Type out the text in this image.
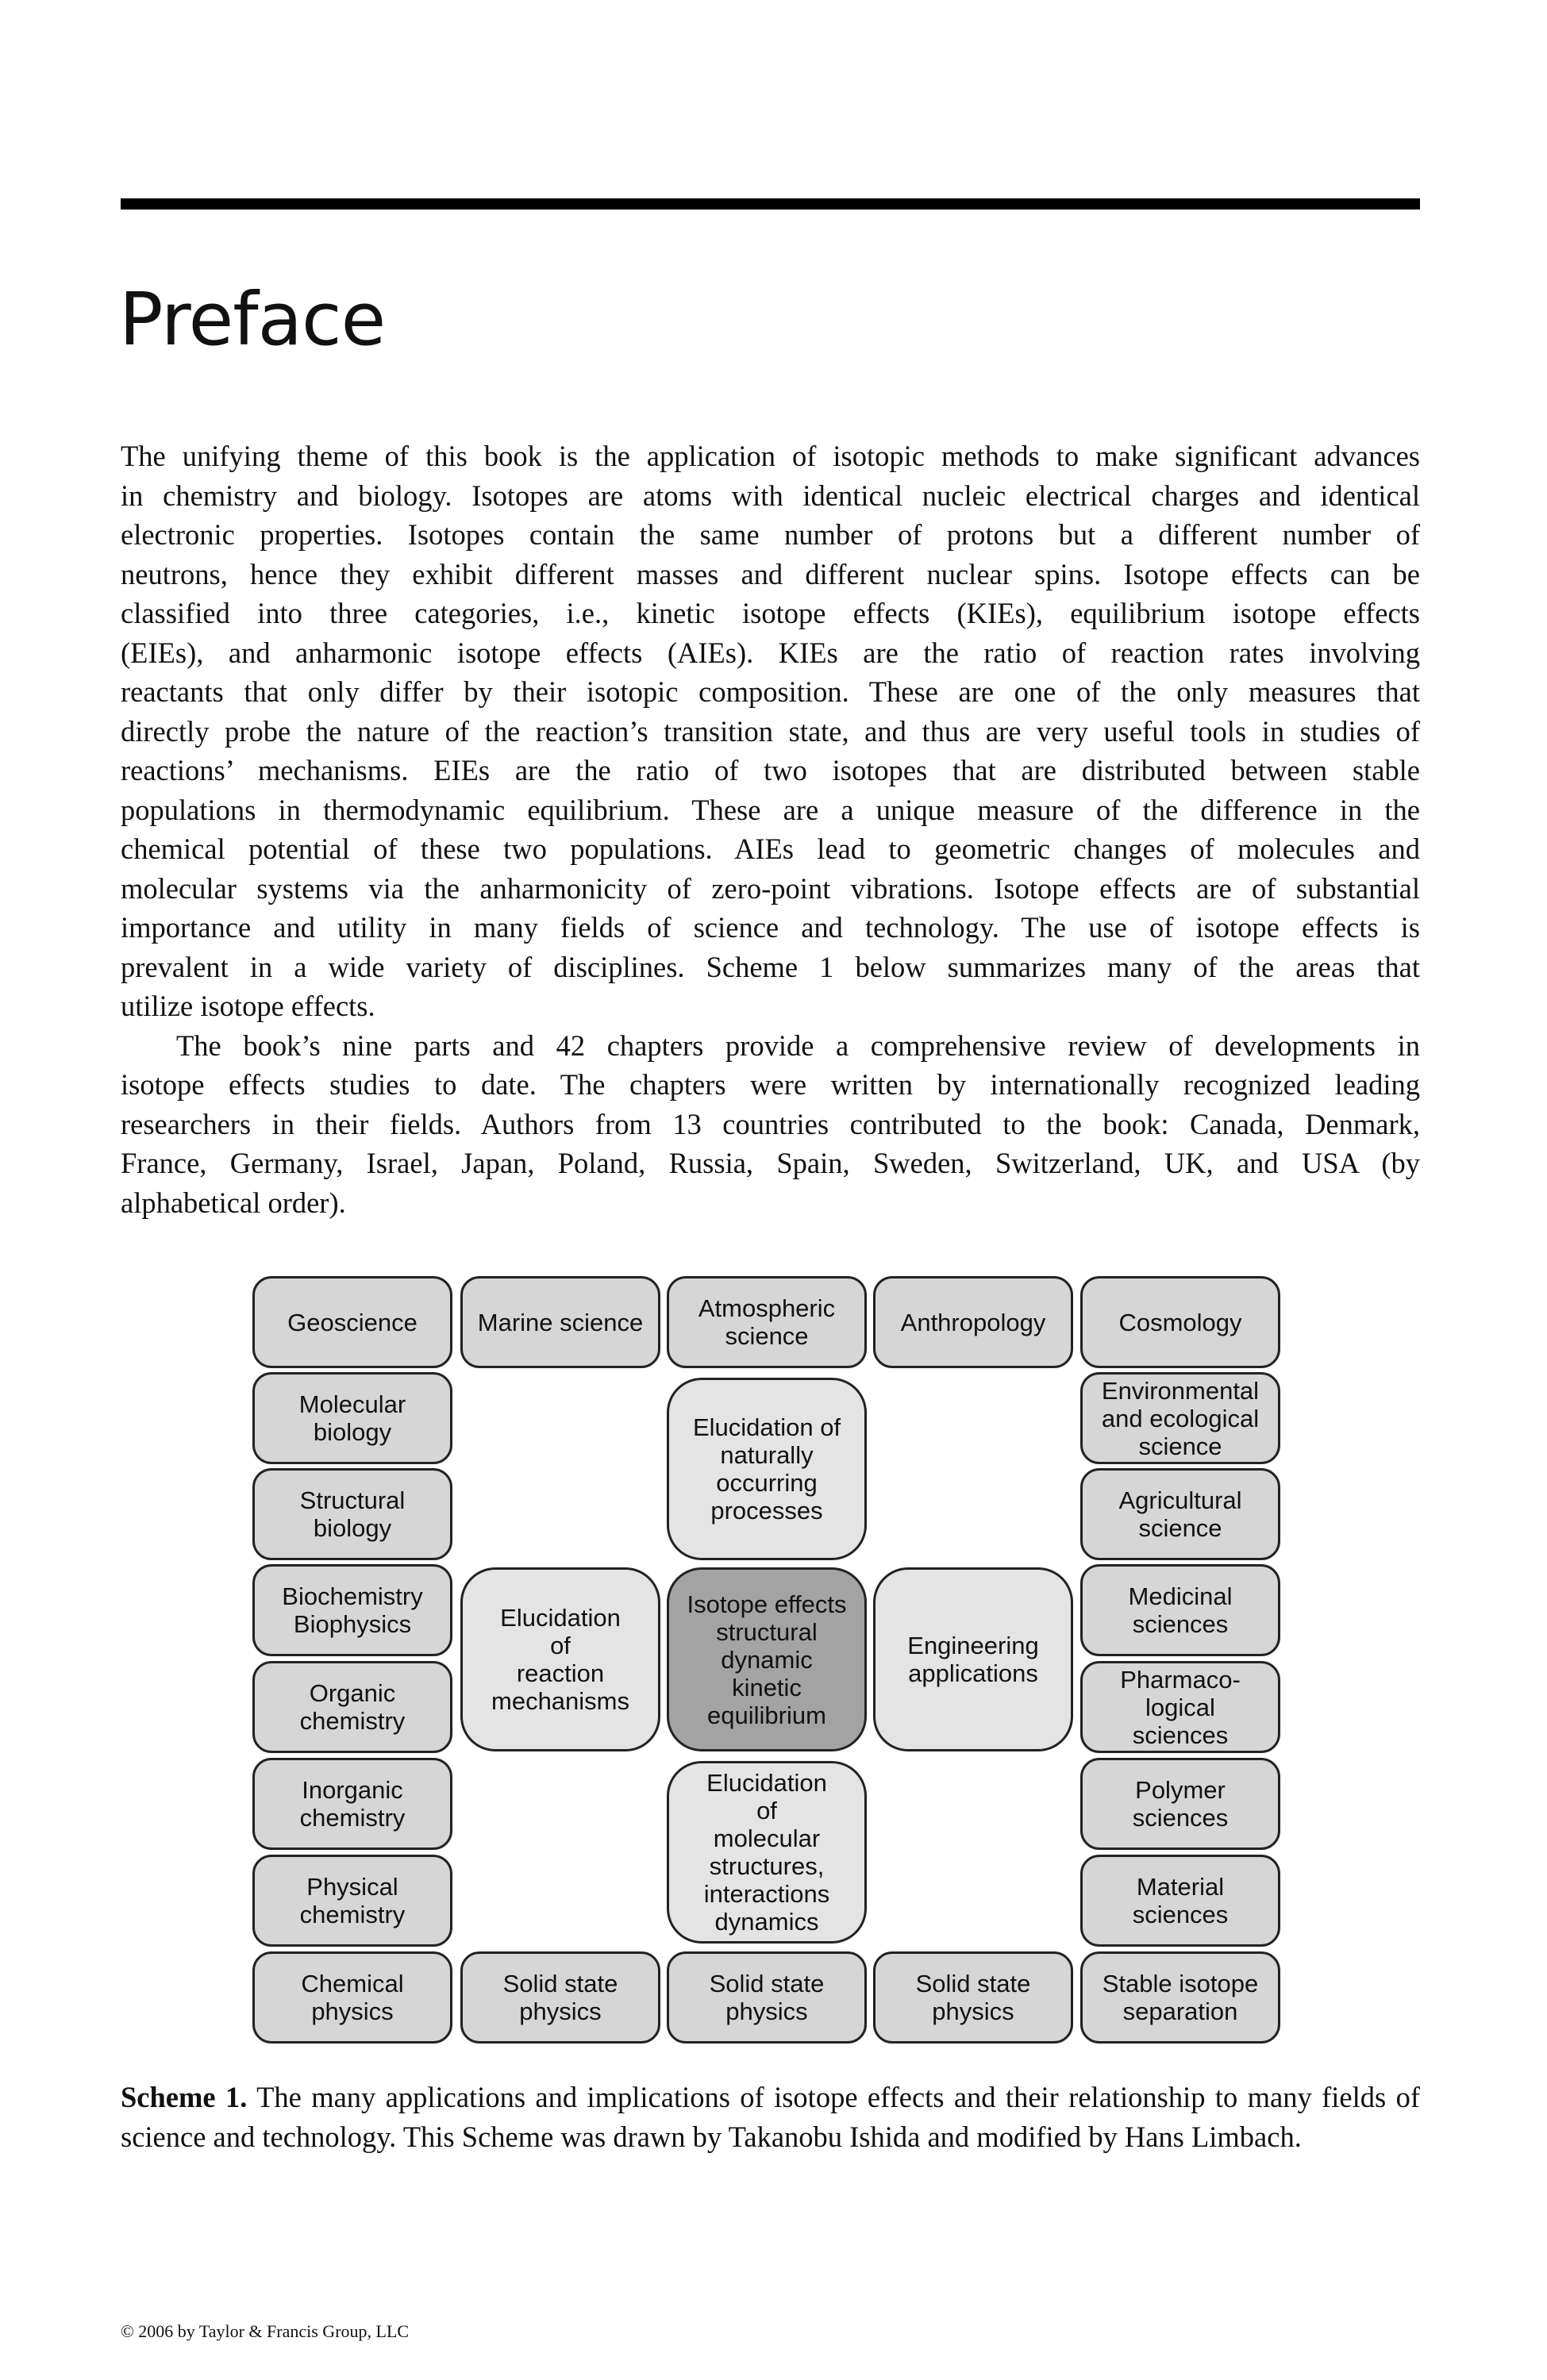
Preface
The unifying theme of this book is the application of isotopic methods to make significant advances
in chemistry and biology. Isotopes are atoms with identical nucleic electrical charges and identical
electronic properties. Isotopes contain the same number of protons but a different number of
neutrons, hence they exhibit different masses and different nuclear spins. Isotope effects can be
classified into three categories, i.e., kinetic isotope effects (KIEs), equilibrium isotope effects
(EIEs), and anharmonic isotope effects (AIEs). KIEs are the ratio of reaction rates involving
reactants that only differ by their isotopic composition. These are one of the only measures that
directly probe the nature of the reaction’s transition state, and thus are very useful tools in studies of
reactions’ mechanisms. EIEs are the ratio of two isotopes that are distributed between stable
populations in thermodynamic equilibrium. These are a unique measure of the difference in the
chemical potential of these two populations. AIEs lead to geometric changes of molecules and
molecular systems via the anharmonicity of zero-point vibrations. Isotope effects are of substantial
importance and utility in many fields of science and technology. The use of isotope effects is
prevalent in a wide variety of disciplines. Scheme 1 below summarizes many of the areas that
utilize isotope effects.
The book’s nine parts and 42 chapters provide a comprehensive review of developments in
isotope effects studies to date. The chapters were written by internationally recognized leading
researchers in their fields. Authors from 13 countries contributed to the book: Canada, Denmark,
France, Germany, Israel, Japan, Poland, Russia, Spain, Sweden, Switzerland, UK, and USA (by
alphabetical order).
Geoscience	Marine science	Atmospheric
science	Anthropology	Cosmology
Molecular
biology
Structural
biology
Biochemistry
Biophysics
Organic
chemistry
Inorganic
chemistry
Physical
chemistry
Chemical
physics
Solid state
physics
Solid state
physics
Solid state
physics
Stable isotope
separation
Environmental
and ecological
science
Agricultural
science
Medicinal
sciences
Pharmaco-
logical
sciences
Polymer
sciences
Material
sciences
Elucidation of
naturally
occurring
processes
Elucidation
of
reaction
mechanisms
Engineering
applications
Elucidation
of
molecular
structures,
interactions
dynamics
Isotope effects
structural
dynamic
kinetic
equilibrium
Scheme 1. The many applications and implications of isotope effects and their relationship to many fields of science and technology. This Scheme was drawn by Takanobu Ishida and modified by Hans Limbach.
© 2006 by Taylor & Francis Group, LLC
